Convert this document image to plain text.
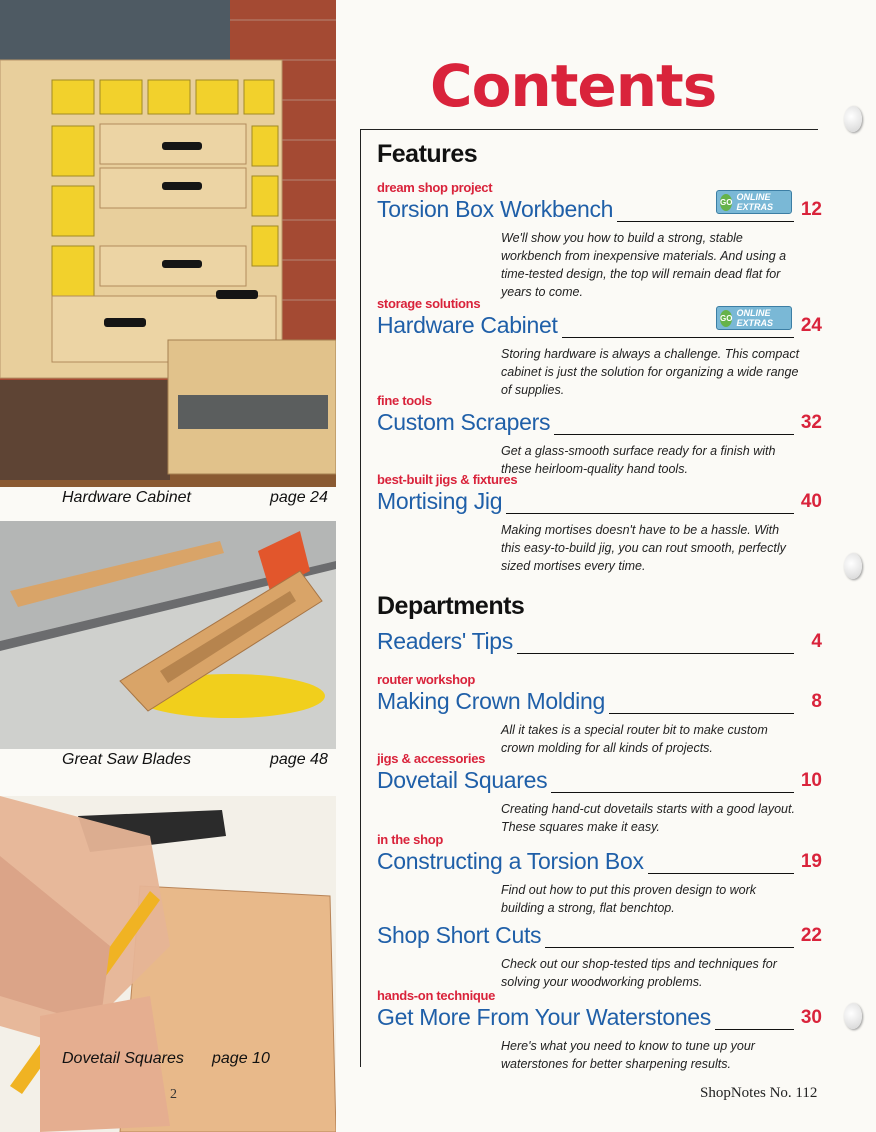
Hardware Cabinet	page 24
Great Saw Blades	page 48
Dovetail Squares page 10
2
Contents
Features
dream shop project
Torsion Box Workbench	GO ONLINE EXTRAS	12
We'll show you how to build a strong, stable workbench from inexpensive materials. And using a time-tested design, the top will remain dead flat for years to come.
storage solutions
Hardware Cabinet	GO ONLINE EXTRAS	24
Storing hardware is always a challenge. This compact cabinet is just the solution for organizing a wide range of supplies.
fine tools
Custom Scrapers	32
Get a glass-smooth surface ready for a finish with these heirloom-quality hand tools.
best-built jigs & fixtures
Mortising Jig	40
Making mortises doesn't have to be a hassle. With this easy-to-build jig, you can rout smooth, perfectly sized mortises every time.
Departments
Readers' Tips	4
router workshop
Making Crown Molding	8
All it takes is a special router bit to make custom crown molding for all kinds of projects.
jigs & accessories
Dovetail Squares	10
Creating hand-cut dovetails starts with a good layout. These squares make it easy.
in the shop
Constructing a Torsion Box	19
Find out how to put this proven design to work building a strong, flat benchtop.
Shop Short Cuts	22
Check out our shop-tested tips and techniques for solving your woodworking problems.
hands-on technique
Get More From Your Waterstones	30
Here's what you need to know to tune up your waterstones for better sharpening results.
ShopNotes No. 112
